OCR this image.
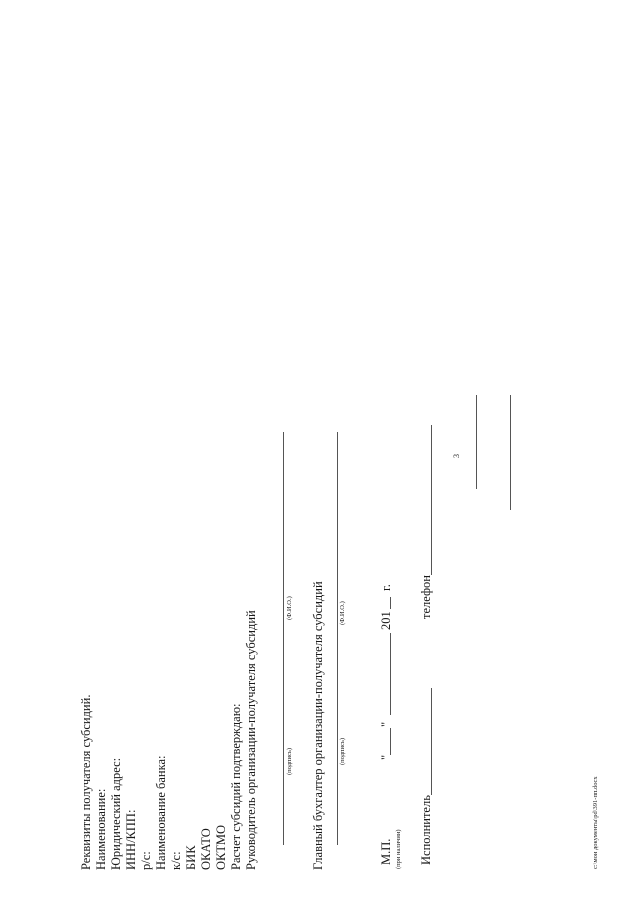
3
Реквизиты получателя субсидий. Наименование: Юридический адрес: ИНН/КПП: р/с: Наименование банка: к/с: БИК ОКАТО ОКТМО Расчет субсидий подтверждаю: Руководитель организации-получателя субсидий	(подпись)
(Ф.И.О.) Главный бухгалтер организации-получателя субсидий (подпись)
(Ф.И.О.)
М.П. (при наличии)
"
"
201
г.
Исполнитель
телефон
c:\мои документы\pd\391-пп.docx
